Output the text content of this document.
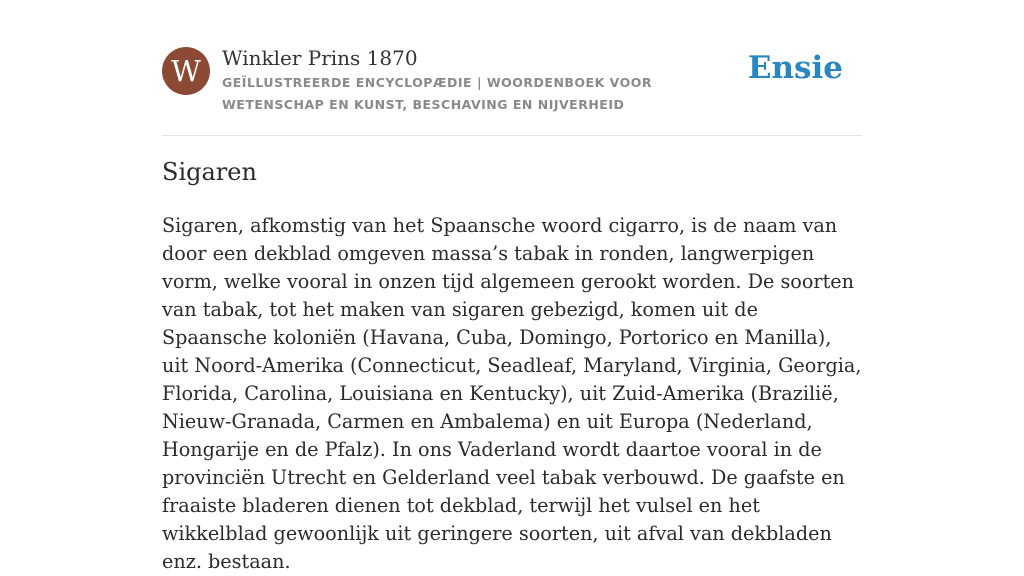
W	Winkler Prins 1870
GEÏLLUSTREERDE ENCYCLOPÆDIE | WOORDENBOEK VOOR WETENSCHAP EN KUNST, BESCHAVING EN NIJVERHEID
Ensie
Sigaren

Sigaren, afkomstig van het Spaansche woord cigarro, is de naam van door een dekblad omgeven massa’s tabak in ronden, langwerpigen vorm, welke vooral in onzen tijd algemeen gerookt worden. De soorten van tabak, tot het maken van sigaren gebezigd, komen uit de Spaansche koloniën (Havana, Cuba, Domingo, Portorico en Manilla), uit Noord-Amerika (Connecticut, Seadleaf, Maryland, Virginia, Georgia, Florida, Carolina, Louisiana en Kentucky), uit Zuid-Amerika (Brazilië, Nieuw-Granada, Carmen en Ambalema) en uit Europa (Nederland, Hongarije en de Pfalz). In ons Vaderland wordt daartoe vooral in de provinciën Utrecht en Gelderland veel tabak verbouwd. De gaafste en fraaiste bladeren dienen tot dekblad, terwijl het vulsel en het wikkelblad gewoonlijk uit geringere soorten, uit afval van dekbladen enz. bestaan.
